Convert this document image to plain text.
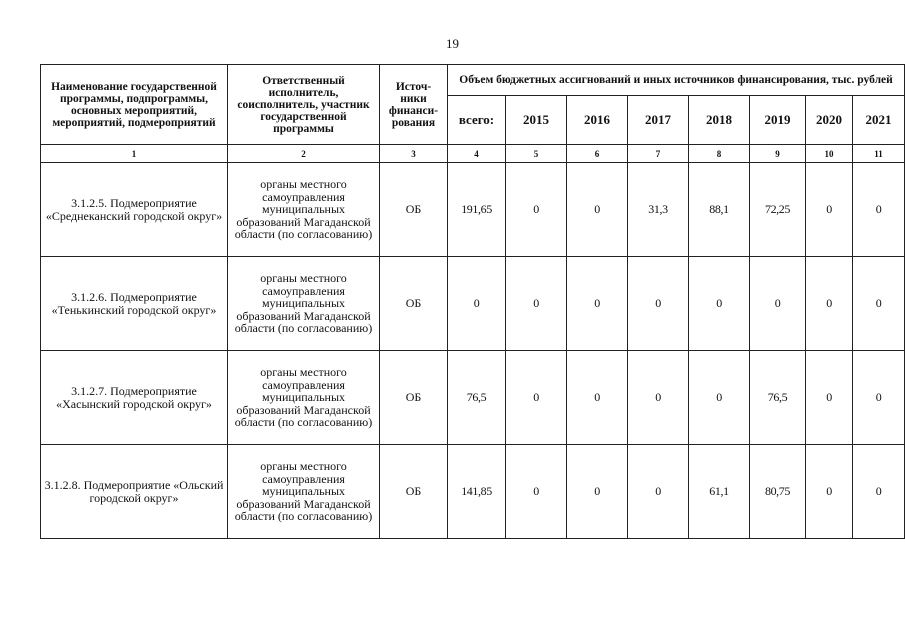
19
Наименование государственной программы, подпрограммы, основных мероприятий, мероприятий, подмероприятий	Ответственный исполнитель, соисполнитель, участник государственной программы	Источ- ники финанси- рования	Объем бюджетных ассигнований и иных источников финансирования, тыс. рублей							
			всего:	2015	2016	2017	2018	2019	2020	2021
1	2	3	4	5	6	7	8	9	10	11
3.1.2.5. Подмероприятие «Среднеканский городской округ»	органы местного самоуправления муниципальных образований Магаданской области (по согласованию)	ОБ	191,65	0	0	31,3	88,1	72,25	0	0
3.1.2.6. Подмероприятие «Тенькинский городской округ»	органы местного самоуправления муниципальных образований Магаданской области (по согласованию)	ОБ	0	0	0	0	0	0	0	0
3.1.2.7. Подмероприятие «Хасынский городской округ»	органы местного самоуправления муниципальных образований Магаданской области (по согласованию)	ОБ	76,5	0	0	0	0	76,5	0	0
3.1.2.8. Подмероприятие «Ольский городской округ»	органы местного самоуправления муниципальных образований Магаданской области (по согласованию)	ОБ	141,85	0	0	0	61,1	80,75	0	0
